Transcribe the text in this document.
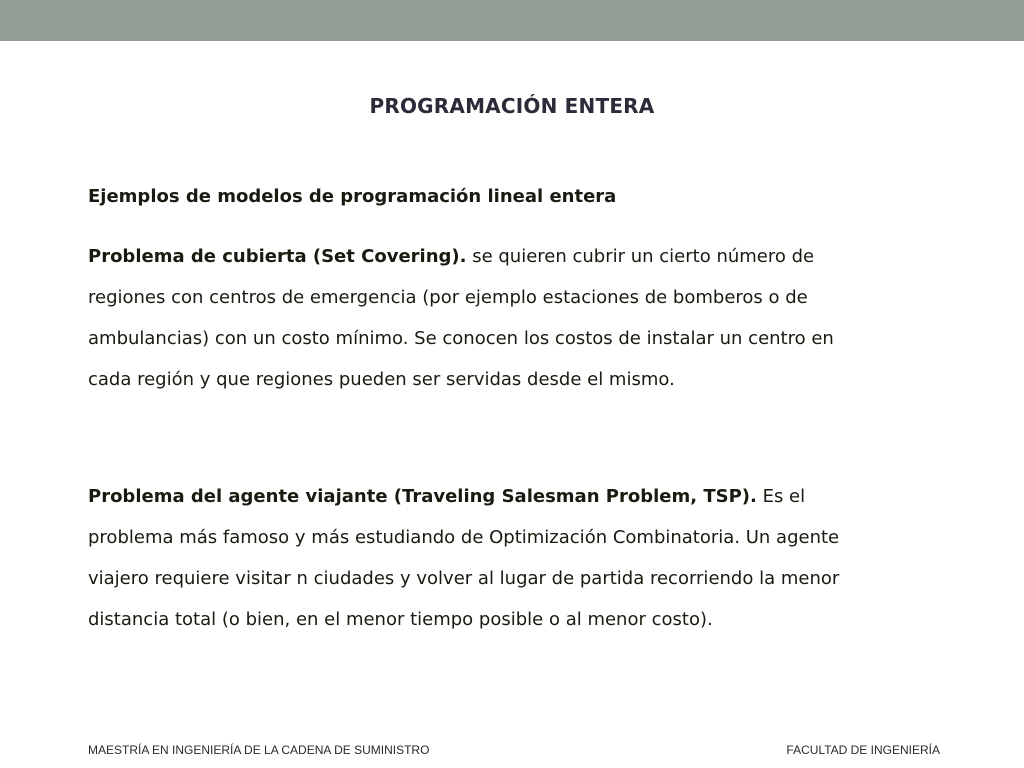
PROGRAMACIÓN ENTERA
Ejemplos de modelos de programación lineal entera
Problema de cubierta (Set Covering). se quieren cubrir un cierto número de
regiones con centros de emergencia (por ejemplo estaciones de bomberos o de
ambulancias) con un costo mínimo. Se conocen los costos de instalar un centro en
cada región y que regiones pueden ser servidas desde el mismo.
Problema del agente viajante (Traveling Salesman Problem, TSP). Es el
problema más famoso y más estudiando de Optimización Combinatoria. Un agente
viajero requiere visitar n ciudades y volver al lugar de partida recorriendo la menor
distancia total (o bien, en el menor tiempo posible o al menor costo).
MAESTRÍA EN INGENIERÍA DE LA CADENA DE SUMINISTRO	FACULTAD DE INGENIERÍA
